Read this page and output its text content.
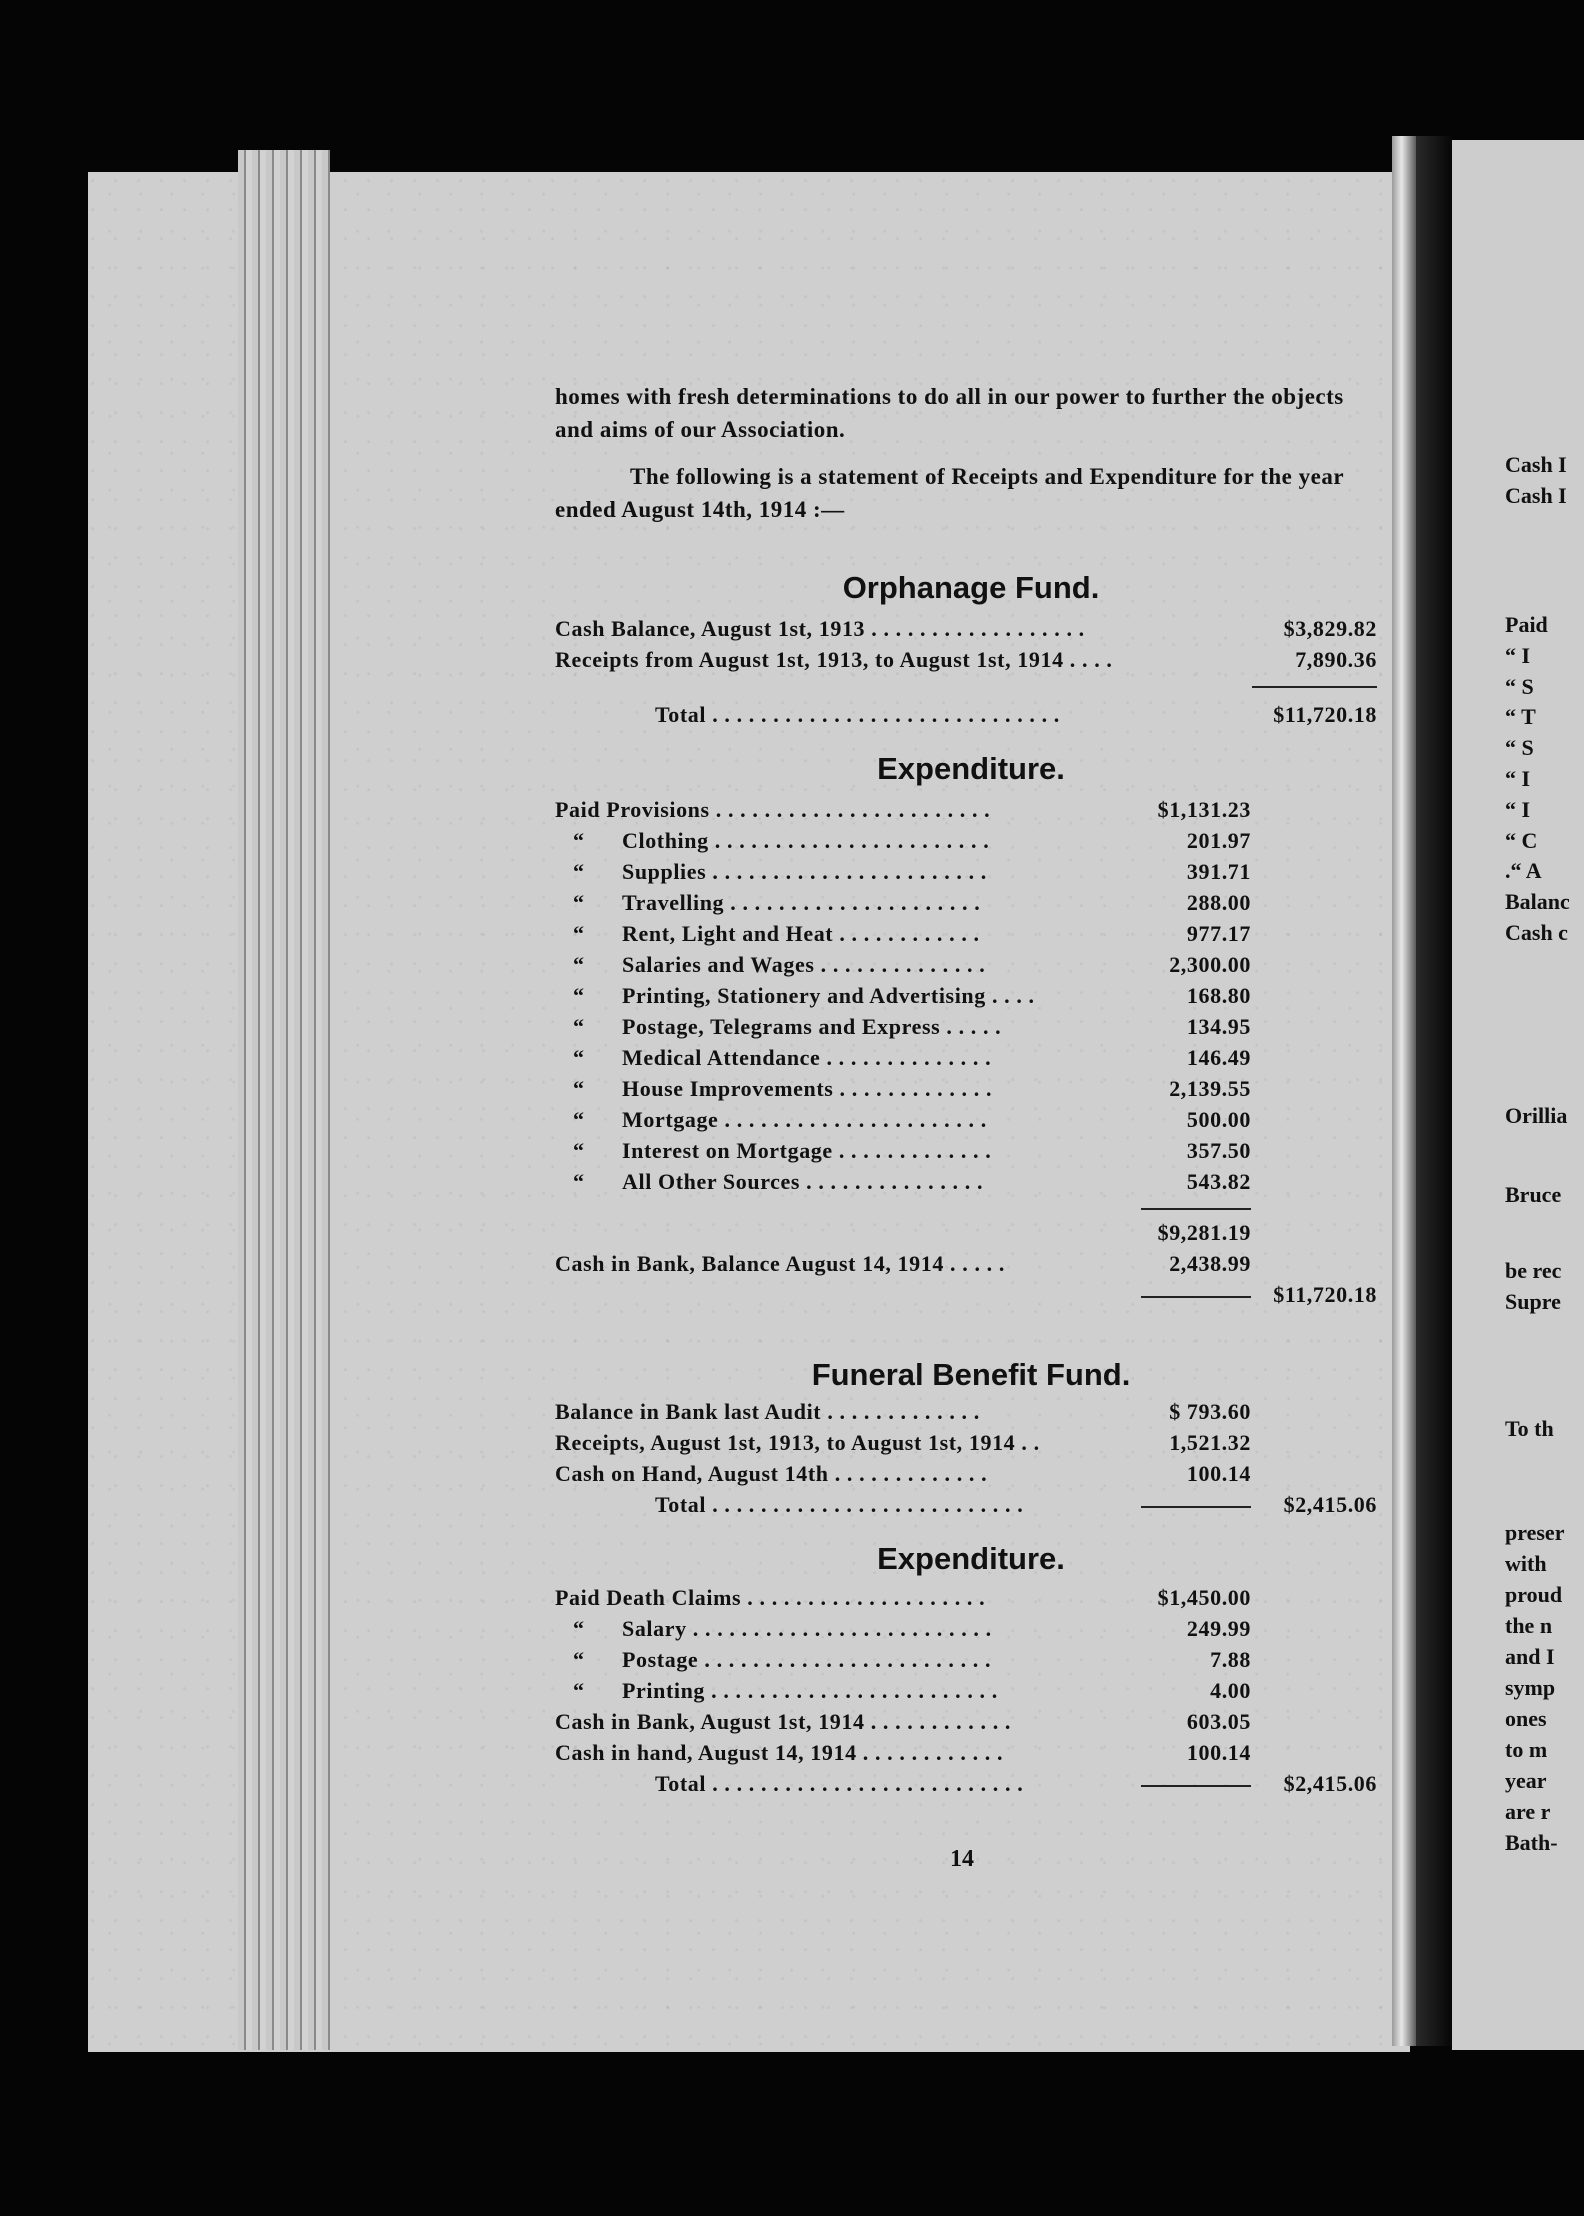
homes with fresh determinations to do all in our power to further the objects and aims of our Association.

The following is a statement of Receipts and Expenditure for the year ended August 14th, 1914 :—

Orphanage Fund.

Cash Balance, August 1st, 1913 . . . . . . . . . . . . . . . . . .	$3,829.82
Receipts from August 1st, 1913, to August 1st, 1914 . . . .	7,890.36
Total . . . . . . . . . . . . . . . . . . . . . . . . . . . . .	$11,720.18

Expenditure.

Paid Provisions . . . . . . . . . . . . . . . . . . . . . . .	$1,131.23
“ Clothing . . . . . . . . . . . . . . . . . . . . . . .	201.97
“ Supplies . . . . . . . . . . . . . . . . . . . . . . .	391.71
“ Travelling . . . . . . . . . . . . . . . . . . . . .	288.00
“ Rent, Light and Heat . . . . . . . . . . . .	977.17
“ Salaries and Wages . . . . . . . . . . . . . .	2,300.00
“ Printing, Stationery and Advertising . . . .	168.80
“ Postage, Telegrams and Express . . . . .	134.95
“ Medical Attendance . . . . . . . . . . . . . .	146.49
“ House Improvements . . . . . . . . . . . . .	2,139.55
“ Mortgage . . . . . . . . . . . . . . . . . . . . . .	500.00
“ Interest on Mortgage . . . . . . . . . . . . .	357.50
“ All Other Sources . . . . . . . . . . . . . . .	543.82
$9,281.19
Cash in Bank, Balance August 14, 1914 . . . . .	2,438.99
$11,720.18

Funeral Benefit Fund.

Balance in Bank last Audit . . . . . . . . . . . . .	$ 793.60
Receipts, August 1st, 1913, to August 1st, 1914 . .	1,521.32
Cash on Hand, August 14th . . . . . . . . . . . . .	100.14
Total . . . . . . . . . . . . . . . . . . . . . . . . . .	$2,415.06

Expenditure.

Paid Death Claims . . . . . . . . . . . . . . . . . . . .	$1,450.00
“ Salary . . . . . . . . . . . . . . . . . . . . . . . . .	249.99
“ Postage . . . . . . . . . . . . . . . . . . . . . . . .	7.88
“ Printing . . . . . . . . . . . . . . . . . . . . . . . .	4.00
Cash in Bank, August 1st, 1914 . . . . . . . . . . . .	603.05
Cash in hand, August 14, 1914 . . . . . . . . . . . .	100.14
Total . . . . . . . . . . . . . . . . . . . . . . . . . .	$2,415.06
14
Cash I
Cash I
Paid
“ I
“ S
“ T
“ S
“ I
“ I
“ C
.“ A
Balanc
Cash c
Orillia
Bruce
be rec
Supre
To th
preser
with
proud
the n
and I
symp
ones
to m
year
are r
Bath-
